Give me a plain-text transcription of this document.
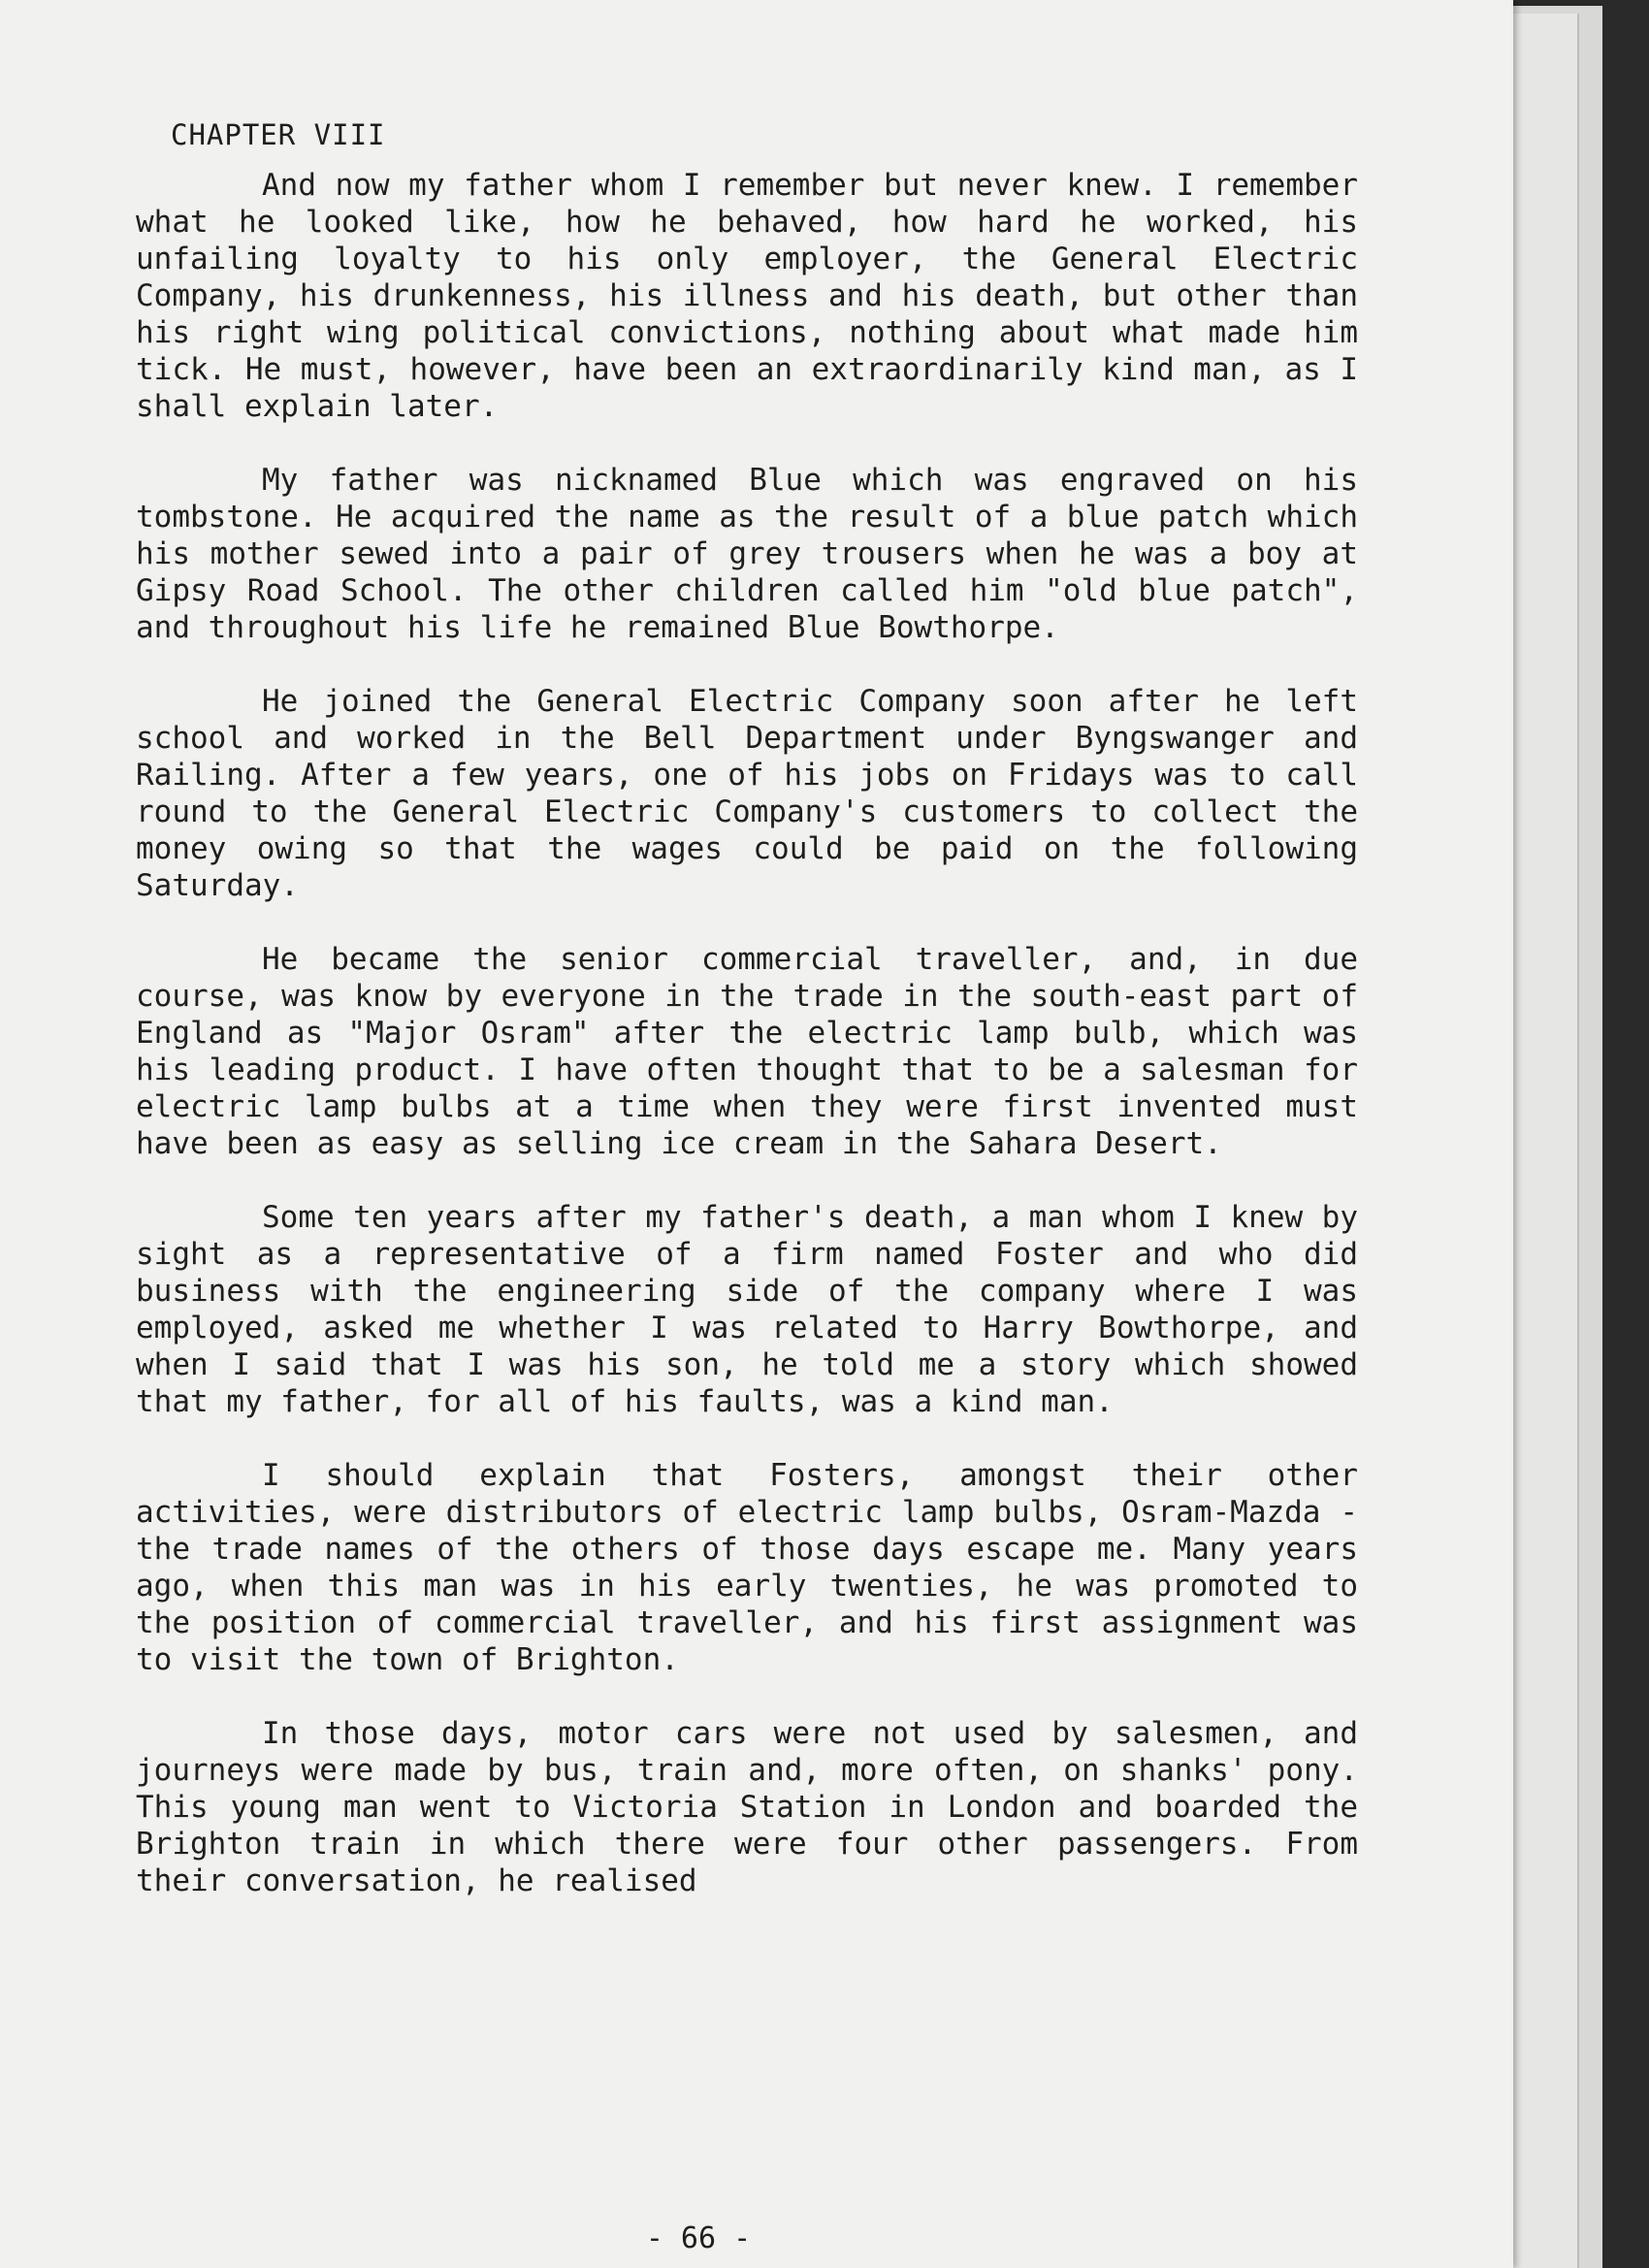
CHAPTER VIII

And now my father whom I remember but never knew. I remember what he looked like, how he behaved, how hard he worked, his unfailing loyalty to his only employer, the General Electric Company, his drunkenness, his illness and his death, but other than his right wing political convictions, nothing about what made him tick. He must, however, have been an extraordinarily kind man, as I shall explain later.

My father was nicknamed Blue which was engraved on his tombstone. He acquired the name as the result of a blue patch which his mother sewed into a pair of grey trousers when he was a boy at Gipsy Road School. The other children called him "old blue patch", and throughout his life he remained Blue Bowthorpe.

He joined the General Electric Company soon after he left school and worked in the Bell Department under Byngswanger and Railing. After a few years, one of his jobs on Fridays was to call round to the General Electric Company's customers to collect the money owing so that the wages could be paid on the following Saturday.

He became the senior commercial traveller, and, in due course, was know by everyone in the trade in the south-east part of England as "Major Osram" after the electric lamp bulb, which was his leading product. I have often thought that to be a salesman for electric lamp bulbs at a time when they were first invented must have been as easy as selling ice cream in the Sahara Desert.

Some ten years after my father's death, a man whom I knew by sight as a representative of a firm named Foster and who did business with the engineering side of the company where I was employed, asked me whether I was related to Harry Bowthorpe, and when I said that I was his son, he told me a story which showed that my father, for all of his faults, was a kind man.

I should explain that Fosters, amongst their other activities, were distributors of electric lamp bulbs, Osram-Mazda - the trade names of the others of those days escape me. Many years ago, when this man was in his early twenties, he was promoted to the position of commercial traveller, and his first assignment was to visit the town of Brighton.

In those days, motor cars were not used by salesmen, and journeys were made by bus, train and, more often, on shanks' pony. This young man went to Victoria Station in London and boarded the Brighton train in which there were four other passengers. From their conversation, he realised

- 66 -
